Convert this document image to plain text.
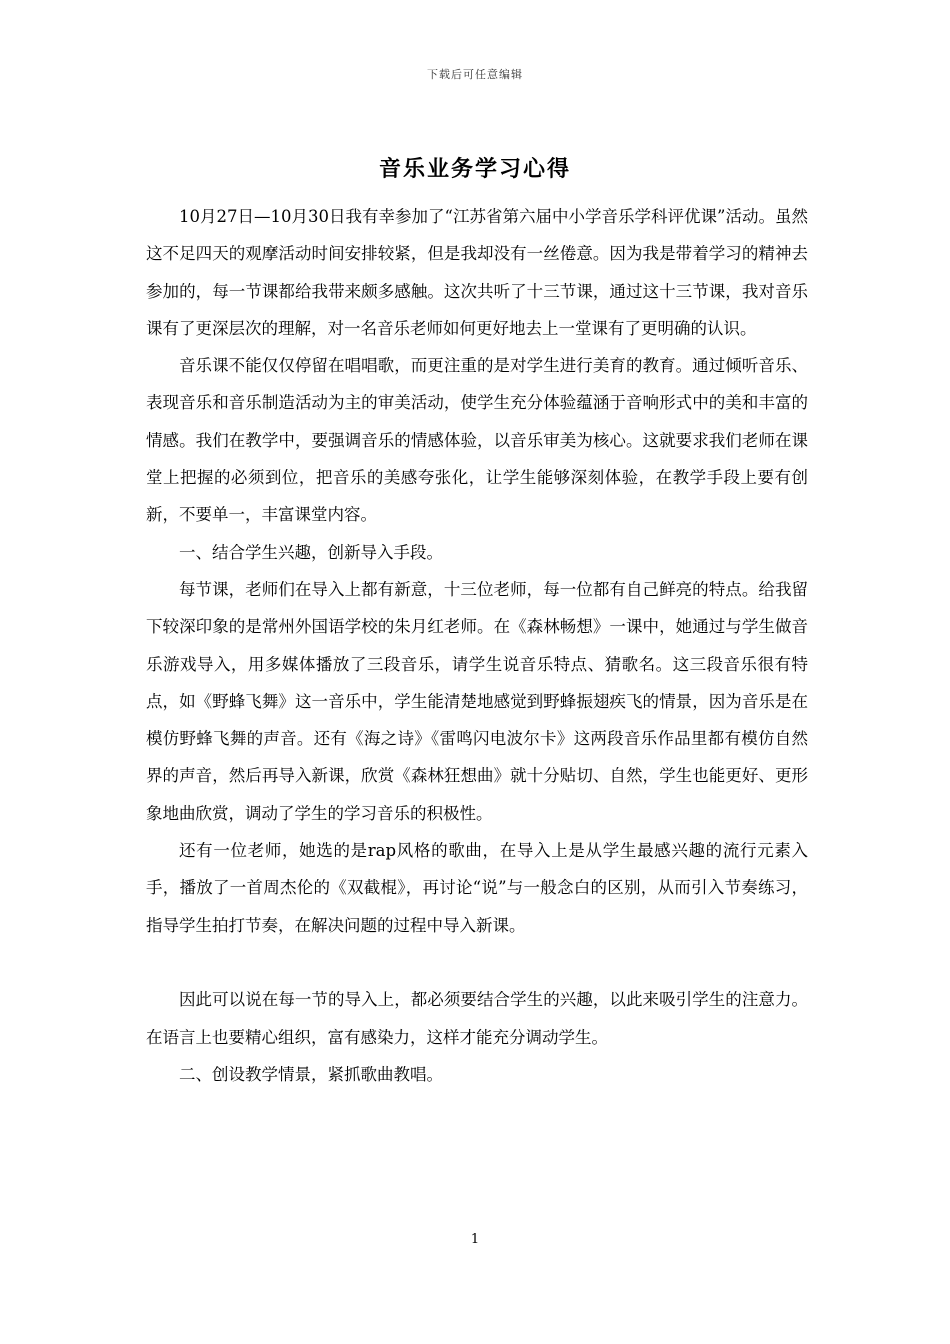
下载后可任意编辑
音乐业务学习心得

10月27日—10月30日我有幸参加了“江苏省第六届中小学音乐学科评优课”活动。虽然这不足四天的观摩活动时间安排较紧，但是我却没有一丝倦意。因为我是带着学习的精神去参加的，每一节课都给我带来颇多感触。这次共听了十三节课，通过这十三节课，我对音乐课有了更深层次的理解，对一名音乐老师如何更好地去上一堂课有了更明确的认识。

音乐课不能仅仅停留在唱唱歌，而更注重的是对学生进行美育的教育。通过倾听音乐、表现音乐和音乐制造活动为主的审美活动，使学生充分体验蕴涵于音响形式中的美和丰富的情感。我们在教学中，要强调音乐的情感体验，以音乐审美为核心。这就要求我们老师在课堂上把握的必须到位，把音乐的美感夸张化，让学生能够深刻体验，在教学手段上要有创新，不要单一，丰富课堂内容。

一、结合学生兴趣，创新导入手段。

每节课，老师们在导入上都有新意，十三位老师，每一位都有自己鲜亮的特点。给我留下较深印象的是常州外国语学校的朱月红老师。在《森林畅想》一课中，她通过与学生做音乐游戏导入，用多媒体播放了三段音乐，请学生说音乐特点、猜歌名。这三段音乐很有特点，如《野蜂飞舞》这一音乐中，学生能清楚地感觉到野蜂振翅疾飞的情景，因为音乐是在模仿野蜂飞舞的声音。还有《海之诗》《雷鸣闪电波尔卡》这两段音乐作品里都有模仿自然界的声音，然后再导入新课，欣赏《森林狂想曲》就十分贴切、自然，学生也能更好、更形象地曲欣赏，调动了学生的学习音乐的积极性。

还有一位老师，她选的是rap风格的歌曲，在导入上是从学生最感兴趣的流行元素入手，播放了一首周杰伦的《双截棍》，再讨论“说”与一般念白的区别，从而引入节奏练习，指导学生拍打节奏，在解决问题的过程中导入新课。

因此可以说在每一节的导入上，都必须要结合学生的兴趣，以此来吸引学生的注意力。在语言上也要精心组织，富有感染力，这样才能充分调动学生。

二、创设教学情景，紧抓歌曲教唱。

1
